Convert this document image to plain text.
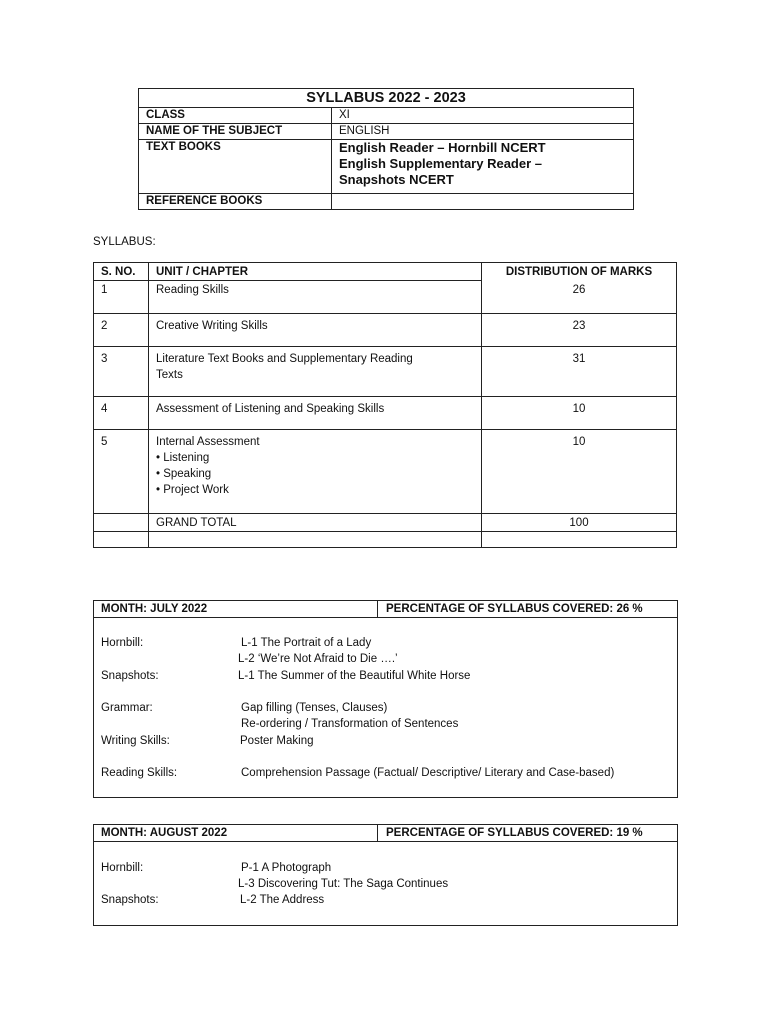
SYLLABUS 2022 - 2023	
CLASS	XI
NAME OF THE SUBJECT	ENGLISH
TEXT BOOKS	English Reader – Hornbill NCERT
English Supplementary Reader –
Snapshots NCERT

REFERENCE BOOKS	
SYLLABUS:
S. NO.	UNIT / CHAPTER	DISTRIBUTION OF MARKS
1	Reading Skills	26
2	Creative Writing Skills	23
3	Literature Text Books and Supplementary Reading
Texts	31
4	Assessment of Listening and Speaking Skills	10
5	Internal Assessment
• Listening
• Speaking
• Project Work	10
	GRAND TOTAL	100

MONTH: JULY 2022	PERCENTAGE OF SYLLABUS COVERED: 26 %
Hornbill:	L-1 The Portrait of a Lady
L-2 ‘We’re Not Afraid to Die ….’
Snapshots:	L-1 The Summer of the Beautiful White Horse
Grammar:	Gap filling (Tenses, Clauses)
Re-ordering / Transformation of Sentences
Writing Skills:	Poster Making
Reading Skills:	Comprehension Passage (Factual/ Descriptive/ Literary and Case-based)
MONTH: AUGUST 2022	PERCENTAGE OF SYLLABUS COVERED: 19 %
Hornbill:	P-1 A Photograph
L-3 Discovering Tut: The Saga Continues
Snapshots:	L-2 The Address
